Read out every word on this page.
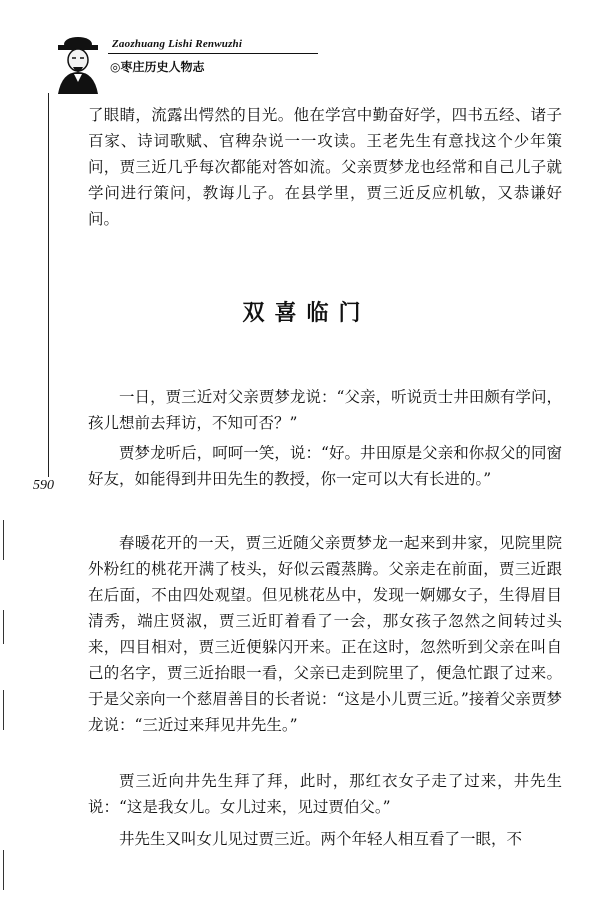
Zaozhuang Lishi Renwuzhi
◎枣庄历史人物志
590

了眼睛，流露出愕然的目光。他在学宫中勤奋好学，四书五经、诸子百家、诗词歌赋、官稗杂说一一攻读。王老先生有意找这个少年策问，贾三近几乎每次都能对答如流。父亲贾梦龙也经常和自己儿子就学问进行策问，教诲儿子。在县学里，贾三近反应机敏，又恭谦好问。

双喜临门

一日，贾三近对父亲贾梦龙说：“父亲，听说贡士井田颇有学问，孩儿想前去拜访，不知可否？”

贾梦龙听后，呵呵一笑，说：“好。井田原是父亲和你叔父的同窗好友，如能得到井田先生的教授，你一定可以大有长进的。”

春暖花开的一天，贾三近随父亲贾梦龙一起来到井家，见院里院外粉红的桃花开满了枝头，好似云霞蒸腾。父亲走在前面，贾三近跟在后面，不由四处观望。但见桃花丛中，发现一婀娜女子，生得眉目清秀，端庄贤淑，贾三近盯着看了一会，那女孩子忽然之间转过头来，四目相对，贾三近便躲闪开来。正在这时，忽然听到父亲在叫自己的名字，贾三近抬眼一看，父亲已走到院里了，便急忙跟了过来。于是父亲向一个慈眉善目的长者说：“这是小儿贾三近。”接着父亲贾梦龙说：“三近过来拜见井先生。”

贾三近向井先生拜了拜，此时，那红衣女子走了过来，井先生说：“这是我女儿。女儿过来，见过贾伯父。”

井先生又叫女儿见过贾三近。两个年轻人相互看了一眼，不
